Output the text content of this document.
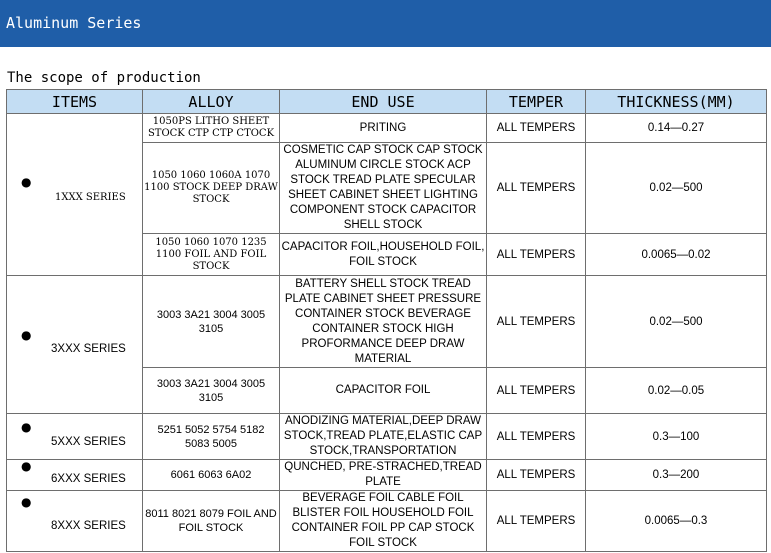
Aluminum Series
The scope of production
ITEMS	ALLOY	END USE	TEMPER	THICKNESS(MM)

●
1XXX SERIES	1050PS LITHO SHEET STOCK CTP CTP CTOCK	PRITING	ALL TEMPERS	0.14—0.27
	1050 1060 1060A 1070 1100 STOCK DEEP DRAW STOCK	COSMETIC CAP STOCK CAP STOCK ALUMINUM CIRCLE STOCK ACP STOCK TREAD PLATE SPECULAR SHEET CABINET SHEET LIGHTING COMPONENT STOCK CAPACITOR SHELL STOCK	ALL TEMPERS	0.02—500
	1050 1060 1070 1235 1100 FOIL AND FOIL STOCK	CAPACITOR FOIL,HOUSEHOLD FOIL, FOIL STOCK	ALL TEMPERS	0.0065—0.02

●
3XXX SERIES	3003 3A21 3004 3005 3105	BATTERY SHELL STOCK TREAD PLATE CABINET SHEET PRESSURE CONTAINER STOCK BEVERAGE CONTAINER STOCK HIGH PROFORMANCE DEEP DRAW MATERIAL	ALL TEMPERS	0.02—500
	3003 3A21 3004 3005 3105	CAPACITOR FOIL	ALL TEMPERS	0.02—0.05

●
5XXX SERIES	5251 5052 5754 5182 5083 5005	ANODIZING MATERIAL,DEEP DRAW STOCK,TREAD PLATE,ELASTIC CAP STOCK,TRANSPORTATION	ALL TEMPERS	0.3—100

●
6XXX SERIES	6061 6063 6A02	QUNCHED, PRE-STRACHED,TREAD PLATE	ALL TEMPERS	0.3—200

●
8XXX SERIES	8011 8021 8079 FOIL AND FOIL STOCK	BEVERAGE FOIL CABLE FOIL BLISTER FOIL HOUSEHOLD FOIL CONTAINER FOIL PP CAP STOCK FOIL STOCK	ALL TEMPERS	0.0065—0.3
